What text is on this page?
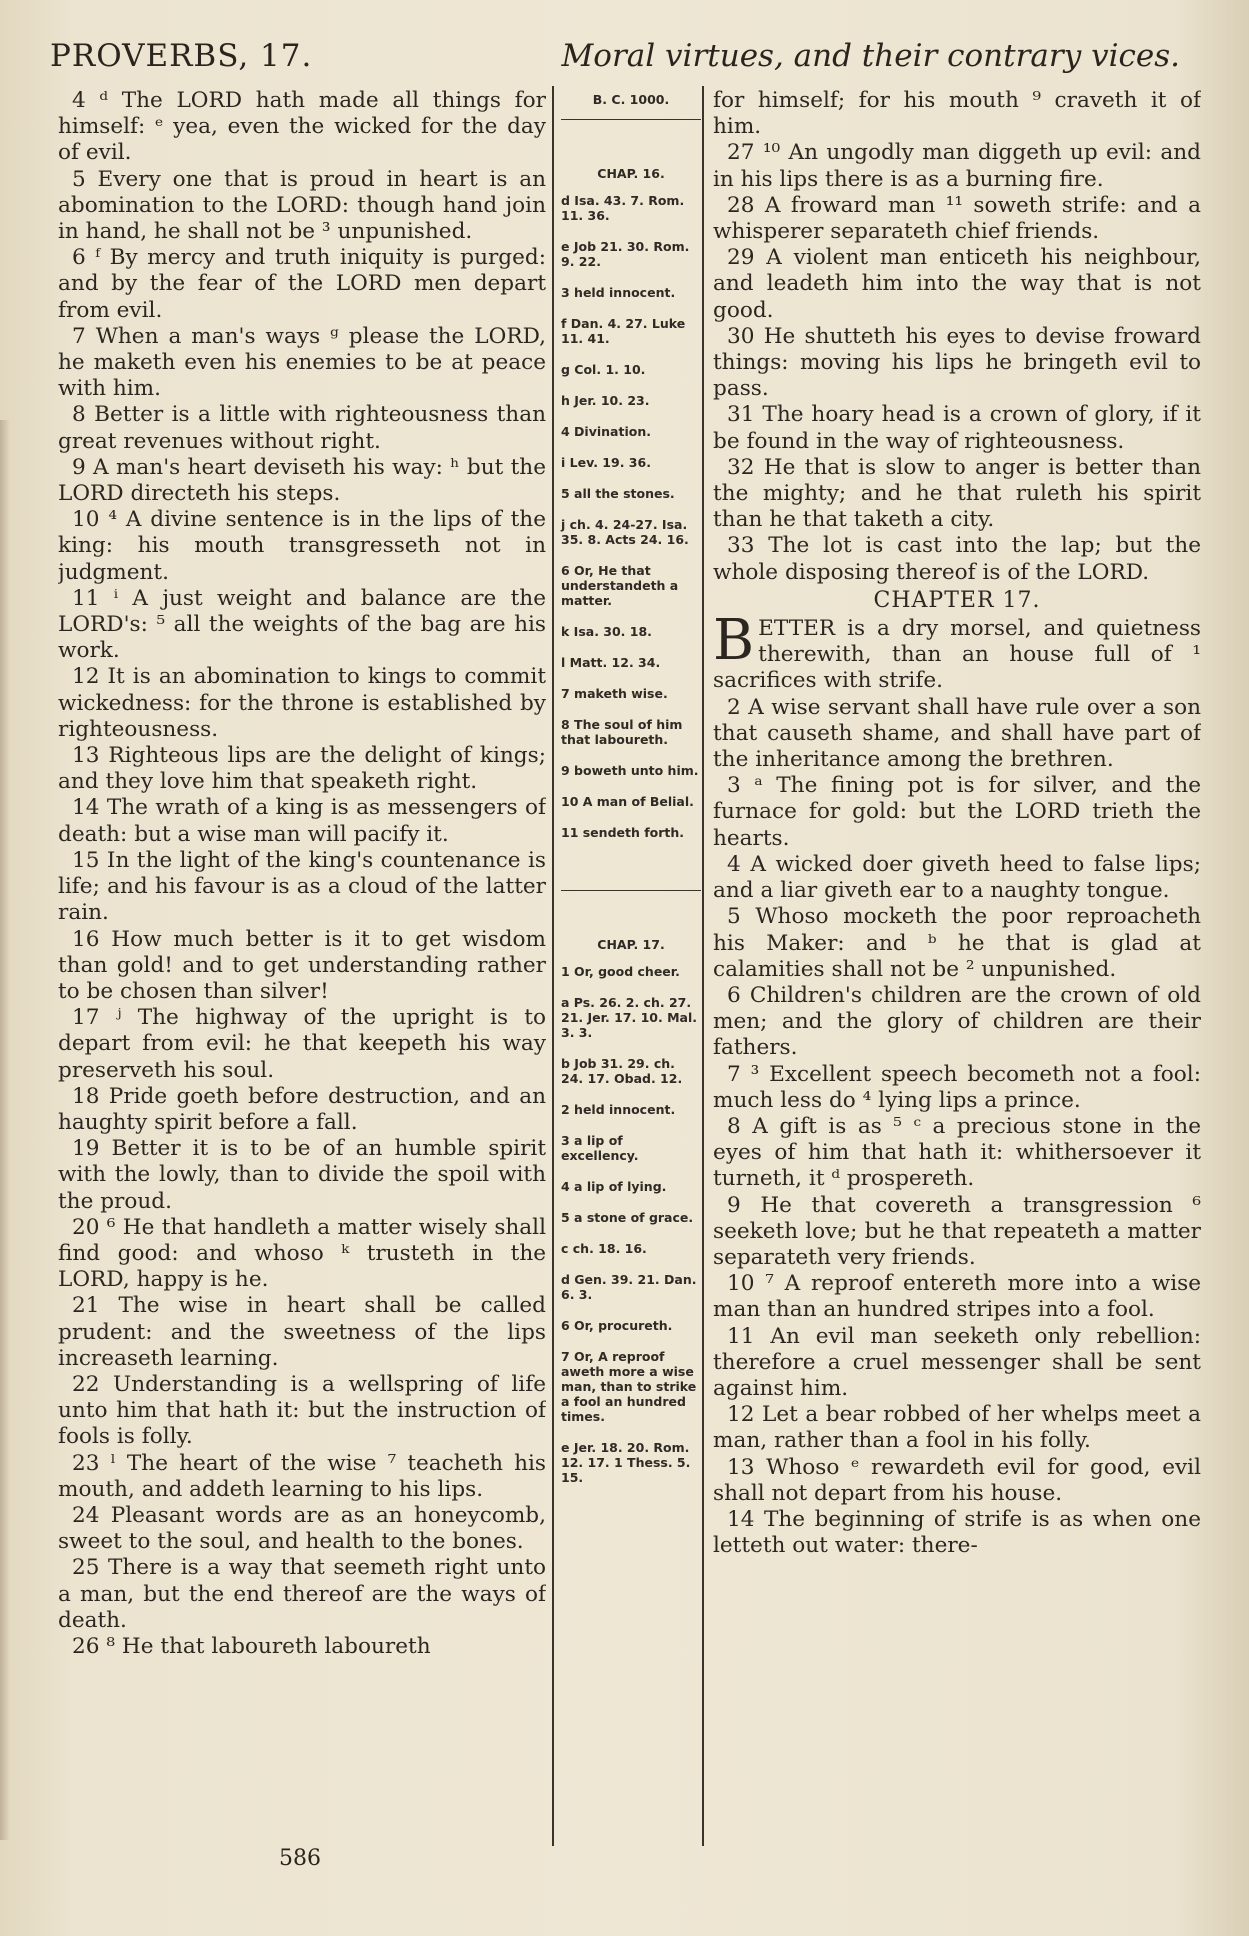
PROVERBS, 17.	Moral virtues, and their contrary vices.

4 ᵈ The LORD hath made all things for himself: ᵉ yea, even the wicked for the day of evil.

5 Every one that is proud in heart is an abomination to the LORD: though hand join in hand, he shall not be ³ unpunished.

6 ᶠ By mercy and truth iniquity is purged: and by the fear of the LORD men depart from evil.

7 When a man's ways ᵍ please the LORD, he maketh even his enemies to be at peace with him.

8 Better is a little with righteousness than great revenues without right.

9 A man's heart deviseth his way: ʰ but the LORD directeth his steps.

10 ⁴ A divine sentence is in the lips of the king: his mouth transgresseth not in judgment.

11 ⁱ A just weight and balance are the LORD's: ⁵ all the weights of the bag are his work.

12 It is an abomination to kings to commit wickedness: for the throne is established by righteousness.

13 Righteous lips are the delight of kings; and they love him that speaketh right.

14 The wrath of a king is as messengers of death: but a wise man will pacify it.

15 In the light of the king's countenance is life; and his favour is as a cloud of the latter rain.

16 How much better is it to get wisdom than gold! and to get understanding rather to be chosen than silver!

17 ʲ The highway of the upright is to depart from evil: he that keepeth his way preserveth his soul.

18 Pride goeth before destruction, and an haughty spirit before a fall.

19 Better it is to be of an humble spirit with the lowly, than to divide the spoil with the proud.

20 ⁶ He that handleth a matter wisely shall find good: and whoso ᵏ trusteth in the LORD, happy is he.

21 The wise in heart shall be called prudent: and the sweetness of the lips increaseth learning.

22 Understanding is a wellspring of life unto him that hath it: but the instruction of fools is folly.

23 ˡ The heart of the wise ⁷ teacheth his mouth, and addeth learning to his lips.

24 Pleasant words are as an honeycomb, sweet to the soul, and health to the bones.

25 There is a way that seemeth right unto a man, but the end thereof are the ways of death.

26 ⁸ He that laboureth laboureth

B. C. 1000.
CHAP. 16.
d Isa. 43. 7. Rom. 11. 36.
e Job 21. 30. Rom. 9. 22.
3 held innocent.
f Dan. 4. 27. Luke 11. 41.
g Col. 1. 10.
h Jer. 10. 23.
4 Divination.
i Lev. 19. 36.
5 all the stones.
j ch. 4. 24-27. Isa. 35. 8. Acts 24. 16.
6 Or, He that understandeth a matter.
k Isa. 30. 18.
l Matt. 12. 34.
7 maketh wise.
8 The soul of him that laboureth.
9 boweth unto him.
10 A man of Belial.
11 sendeth forth.
CHAP. 17.
1 Or, good cheer.
a Ps. 26. 2. ch. 27. 21. Jer. 17. 10. Mal. 3. 3.
b Job 31. 29. ch. 24. 17. Obad. 12.
2 held innocent.
3 a lip of excellency.
4 a lip of lying.
5 a stone of grace.
c ch. 18. 16.
d Gen. 39. 21. Dan. 6. 3.
6 Or, procureth.
7 Or, A reproof aweth more a wise man, than to strike a fool an hundred times.
e Jer. 18. 20. Rom. 12. 17. 1 Thess. 5. 15.

for himself; for his mouth ⁹ craveth it of him.

27 ¹⁰ An ungodly man diggeth up evil: and in his lips there is as a burning fire.

28 A froward man ¹¹ soweth strife: and a whisperer separateth chief friends.

29 A violent man enticeth his neighbour, and leadeth him into the way that is not good.

30 He shutteth his eyes to devise froward things: moving his lips he bringeth evil to pass.

31 The hoary head is a crown of glory, if it be found in the way of righteousness.

32 He that is slow to anger is better than the mighty; and he that ruleth his spirit than he that taketh a city.

33 The lot is cast into the lap; but the whole disposing thereof is of the LORD.

CHAPTER 17.

BETTER is a dry morsel, and quietness therewith, than an house full of ¹ sacrifices with strife.

2 A wise servant shall have rule over a son that causeth shame, and shall have part of the inheritance among the brethren.

3 ᵃ The fining pot is for silver, and the furnace for gold: but the LORD trieth the hearts.

4 A wicked doer giveth heed to false lips; and a liar giveth ear to a naughty tongue.

5 Whoso mocketh the poor reproacheth his Maker: and ᵇ he that is glad at calamities shall not be ² unpunished.

6 Children's children are the crown of old men; and the glory of children are their fathers.

7 ³ Excellent speech becometh not a fool: much less do ⁴ lying lips a prince.

8 A gift is as ⁵ ᶜ a precious stone in the eyes of him that hath it: whithersoever it turneth, it ᵈ prospereth.

9 He that covereth a transgression ⁶ seeketh love; but he that repeateth a matter separateth very friends.

10 ⁷ A reproof entereth more into a wise man than an hundred stripes into a fool.

11 An evil man seeketh only rebellion: therefore a cruel messenger shall be sent against him.

12 Let a bear robbed of her whelps meet a man, rather than a fool in his folly.

13 Whoso ᵉ rewardeth evil for good, evil shall not depart from his house.

14 The beginning of strife is as when one letteth out water: there-

586
